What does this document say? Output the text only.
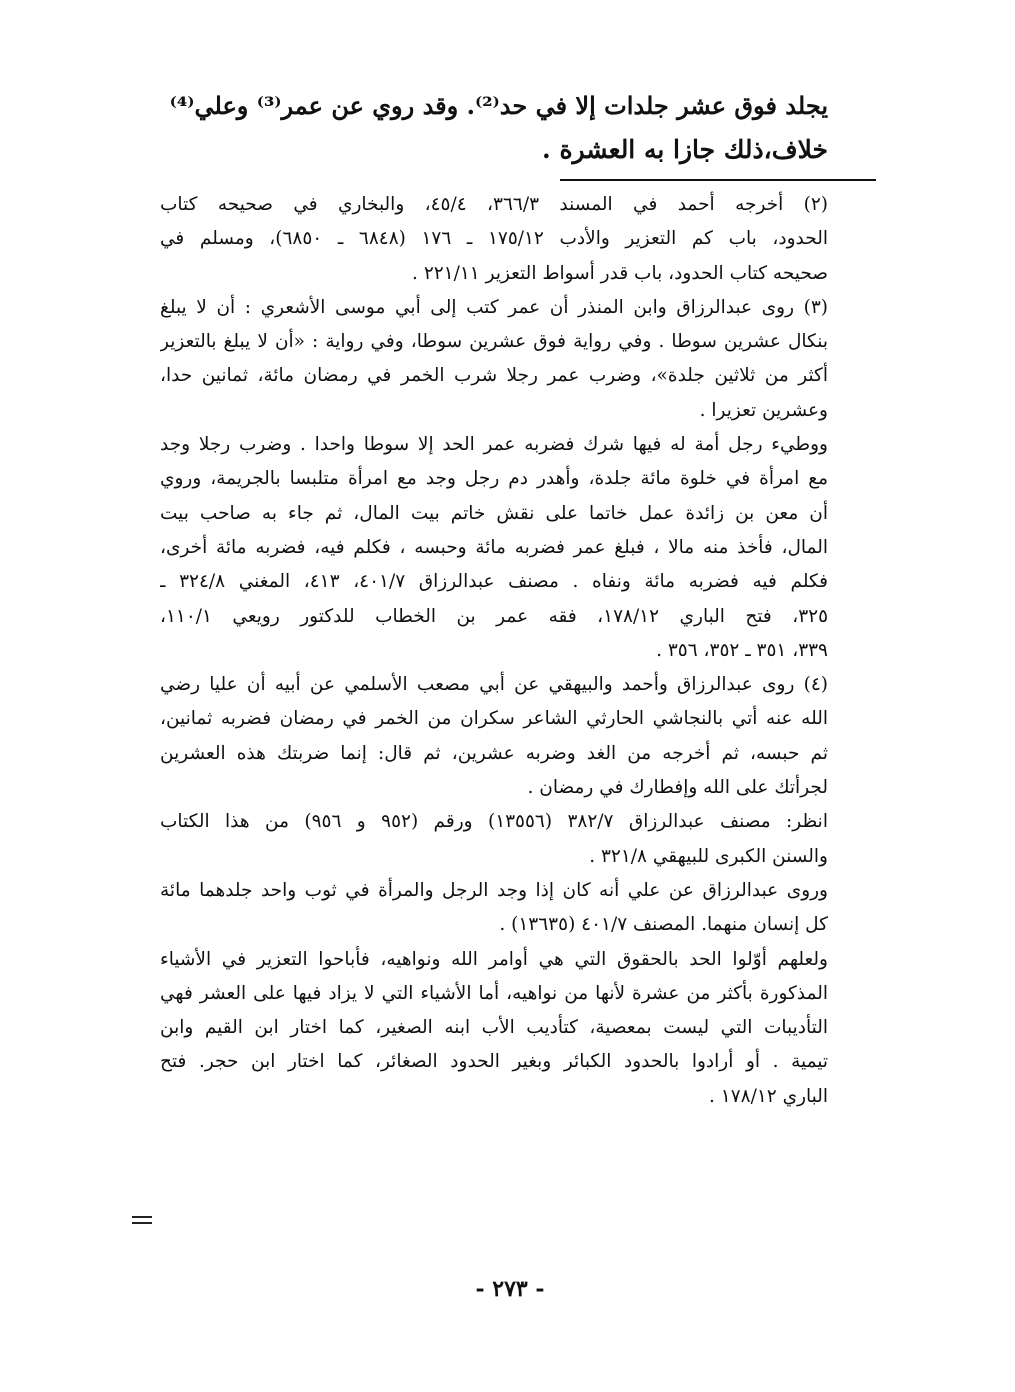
يجلد فوق عشر جلدات إلا في حد⁽²⁾. وقد روي عن عمر⁽³⁾ وعلي⁽⁴⁾
خلاف،ذلك جازا به العشرة .
(٢) أخرجه أحمد في المسند ٣٦٦/٣، ٤٥/٤، والبخاري في صحيحه كتاب
الحدود، باب كم التعزير والأدب ١٧٥/١٢ ـ ١٧٦ (٦٨٤٨ ـ ٦٨٥٠)، ومسلم في
صحيحه كتاب الحدود، باب قدر أسواط التعزير ٢٢١/١١ .
(٣) روى عبدالرزاق وابن المنذر أن عمر كتب إلى أبي موسى الأشعري : أن لا يبلغ
بنكال عشرين سوطا . وفي رواية فوق عشرين سوطا، وفي رواية : «أن لا يبلغ بالتعزير
أكثر من ثلاثين جلدة»، وضرب عمر رجلا شرب الخمر في رمضان مائة، ثمانين حدا،
وعشرين تعزيرا .
ووطيء رجل أمة له فيها شرك فضربه عمر الحد إلا سوطا واحدا . وضرب رجلا وجد
مع امرأة في خلوة مائة جلدة، وأهدر دم رجل وجد مع امرأة متلبسا بالجريمة، وروي
أن معن بن زائدة عمل خاتما على نقش خاتم بيت المال، ثم جاء به صاحب بيت
المال، فأخذ منه مالا ، فبلغ عمر فضربه مائة وحبسه ، فكلم فيه، فضربه مائة أخرى،
فكلم فيه فضربه مائة ونفاه . مصنف عبدالرزاق ٤٠١/٧، ٤١٣، المغني ٣٢٤/٨ ـ
٣٢٥، فتح الباري ١٧٨/١٢، فقه عمر بن الخطاب للدكتور رويعي ١١٠/١،
٣٣٩، ٣٥١ ـ ٣٥٢، ٣٥٦ .
(٤) روى عبدالرزاق وأحمد والبيهقي عن أبي مصعب الأسلمي عن أبيه أن عليا رضي
الله عنه أتي بالنجاشي الحارثي الشاعر سكران من الخمر في رمضان فضربه ثمانين،
ثم حبسه، ثم أخرجه من الغد وضربه عشرين، ثم قال: إنما ضربتك هذه العشرين
لجرأتك على الله وإفطارك في رمضان .
انظر: مصنف عبدالرزاق ٣٨٢/٧ (١٣٥٥٦) ورقم (٩٥٢ و ٩٥٦) من هذا الكتاب
والسنن الكبرى للبيهقي ٣٢١/٨ .
وروى عبدالرزاق عن علي أنه كان إذا وجد الرجل والمرأة في ثوب واحد جلدهما مائة
كل إنسان منهما. المصنف ٤٠١/٧ (١٣٦٣٥) .
ولعلهم أوّلوا الحد بالحقوق التي هي أوامر الله ونواهيه، فأباحوا التعزير في الأشياء
المذكورة بأكثر من عشرة لأنها من نواهيه، أما الأشياء التي لا يزاد فيها على العشر فهي
التأديبات التي ليست بمعصية، كتأديب الأب ابنه الصغير، كما اختار ابن القيم وابن
تيمية . أو أرادوا بالحدود الكبائر وبغير الحدود الصغائر، كما اختار ابن حجر. فتح
الباري ١٧٨/١٢ .
- ٢٧٣ -
